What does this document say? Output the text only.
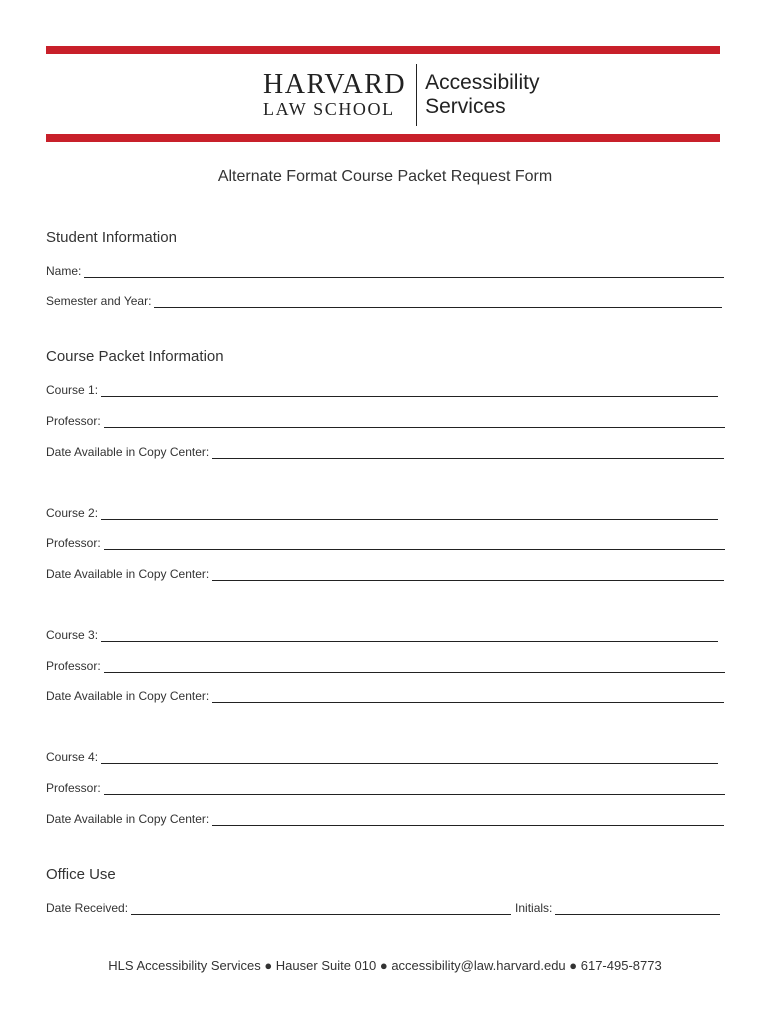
HARVARD
LAW SCHOOL
Accessibility
Services
Alternate Format Course Packet Request Form
Student Information
Name:
Semester and Year:
Course Packet Information
Course 1:
Professor:
Date Available in Copy Center:
Course 2:
Professor:
Date Available in Copy Center:
Course 3:
Professor:
Date Available in Copy Center:
Course 4:
Professor:
Date Available in Copy Center:
Office Use
Date Received:	Initials:
HLS Accessibility Services ● Hauser Suite 010 ● accessibility@law.harvard.edu ● 617-495-8773
